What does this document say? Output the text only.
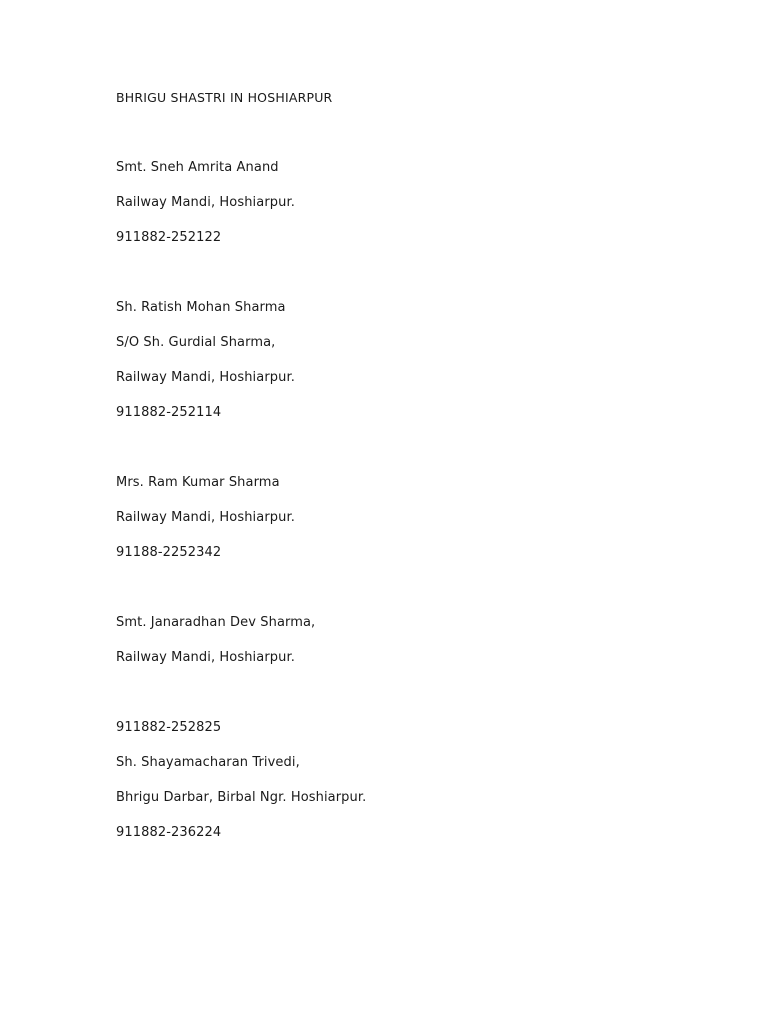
BHRIGU SHASTRI IN HOSHIARPUR
Smt. Sneh Amrita Anand
Railway Mandi, Hoshiarpur.
911882-252122
Sh. Ratish Mohan Sharma
S/O Sh. Gurdial Sharma,
Railway Mandi, Hoshiarpur.
911882-252114
Mrs. Ram Kumar Sharma
Railway Mandi, Hoshiarpur.
91188-2252342
Smt. Janaradhan Dev Sharma,
Railway Mandi, Hoshiarpur.
911882-252825
Sh. Shayamacharan Trivedi,
Bhrigu Darbar, Birbal Ngr. Hoshiarpur.
911882-236224
